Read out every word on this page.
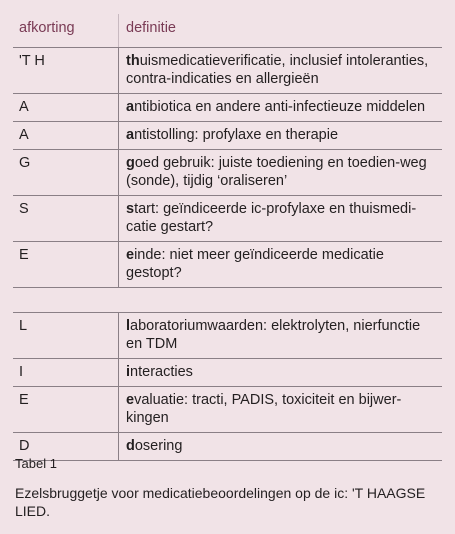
afkorting	definitie
'T H	thuismedicatieverificatie, inclusief intoleranties, contra-indicaties en allergieën
A	antibiotica en andere anti-infectieuze middelen
A	antistolling: profylaxe en therapie
G	goed gebruik: juiste toediening en toedien-weg (sonde), tijdig ‘oraliseren’
S	start: geïndiceerde ic-profylaxe en thuismedi-catie gestart?
E	einde: niet meer geïndiceerde medicatie gestopt?
L	laboratoriumwaarden: elektrolyten, nierfunctie en TDM
I	interacties
E	evaluatie: tracti, PADIS, toxiciteit en bijwer-kingen
D	dosering
Tabel 1
Ezelsbruggetje voor medicatiebeoordelingen op de ic: 'T HAAGSE LIED.
